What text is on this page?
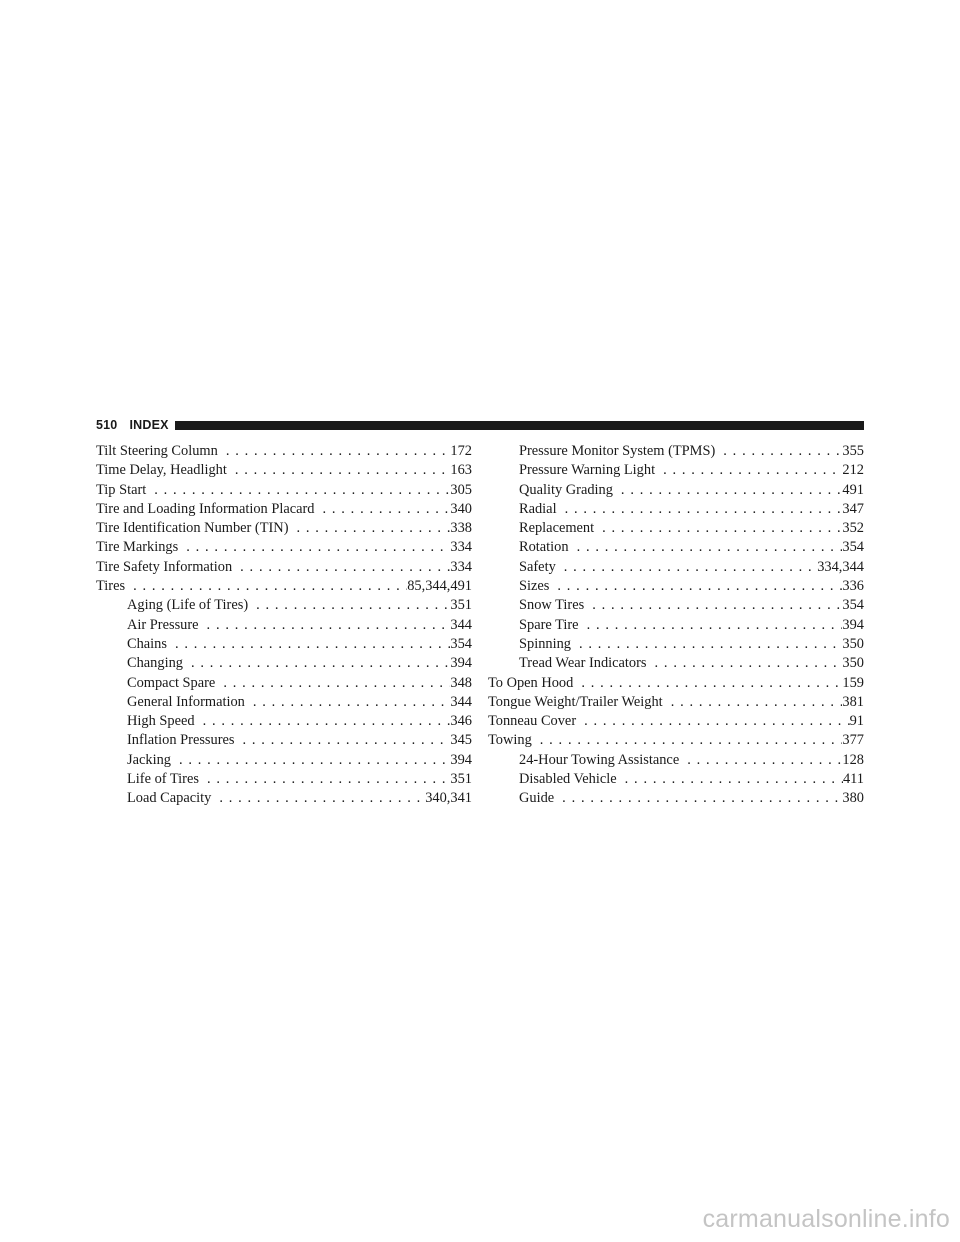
510 INDEX
Tilt Steering Column . . .	172
Time Delay, Headlight . . .	163
Tip Start . . .	305
Tire and Loading Information Placard . . .	340
Tire Identification Number (TIN) . . .	338
Tire Markings . . .	334
Tire Safety Information . . .	334
Tires . . .	85,344,491
Aging (Life of Tires) . . .	351
Air Pressure . . .	344
Chains . . .	354
Changing . . .	394
Compact Spare . . .	348
General Information . . .	344
High Speed . . .	346
Inflation Pressures . . .	345
Jacking . . .	394
Life of Tires . . .	351
Load Capacity . . .	340,341
Pressure Monitor System (TPMS) . . .	355
Pressure Warning Light . . .	212
Quality Grading . . .	491
Radial . . .	347
Replacement . . .	352
Rotation . . .	354
Safety . . .	334,344
Sizes . . .	336
Snow Tires . . .	354
Spare Tire . . .	394
Spinning . . .	350
Tread Wear Indicators . . .	350
To Open Hood . . .	159
Tongue Weight/Trailer Weight . . .	381
Tonneau Cover . . .	91
Towing . . .	377
24-Hour Towing Assistance . . .	128
Disabled Vehicle . . .	411
Guide . . .	380
carmanualsonline.info
